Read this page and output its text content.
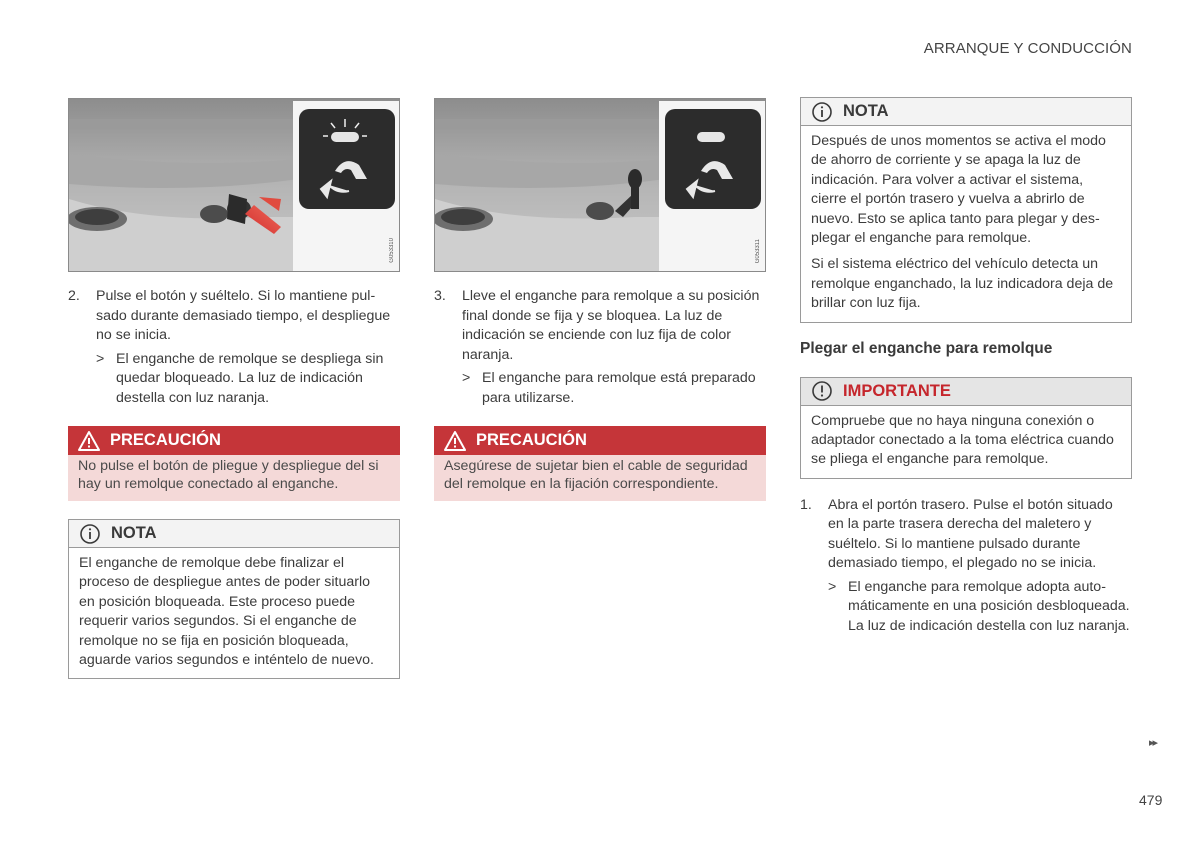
ARRANQUE Y CONDUCCIÓN
G053310
2. Pulse el botón y suéltelo. Si lo mantiene pulsado durante demasiado tiempo, el despliegue no se inicia.
> El enganche de remolque se despliega sin quedar bloqueado. La luz de indicación destella con luz naranja.
PRECAUCIÓN
No pulse el botón de pliegue y despliegue del si hay un remolque conectado al enganche.
NOTA
El enganche de remolque debe finalizar el proceso de despliegue antes de poder situarlo en posición bloqueada. Este proceso puede requerir varios segundos. Si el enganche de remolque no se fija en posición bloqueada, aguarde varios segundos e inténtelo de nuevo.
G053311
3. Lleve el enganche para remolque a su posición final donde se fija y se bloquea. La luz de indicación se enciende con luz fija de color naranja.
> El enganche para remolque está preparado para utilizarse.
PRECAUCIÓN
Asegúrese de sujetar bien el cable de seguridad del remolque en la fijación correspondiente.
NOTA

Después de unos momentos se activa el modo de ahorro de corriente y se apaga la luz de indicación. Para volver a activar el sistema, cierre el portón trasero y vuelva a abrirlo de nuevo. Esto se aplica tanto para plegar y desplegar el enganche para remolque.

Si el sistema eléctrico del vehículo detecta un remolque enganchado, la luz indicadora deja de brillar con luz fija.

Plegar el enganche para remolque
IMPORTANTE
Compruebe que no haya ninguna conexión o adaptador conectado a la toma eléctrica cuando se pliega el enganche para remolque.
1. Abra el portón trasero. Pulse el botón situado en la parte trasera derecha del maletero y suéltelo. Si lo mantiene pulsado durante demasiado tiempo, el plegado no se inicia.
> El enganche para remolque adopta automáticamente en una posición desbloqueada. La luz de indicación destella con luz naranja.
▸▸
479
